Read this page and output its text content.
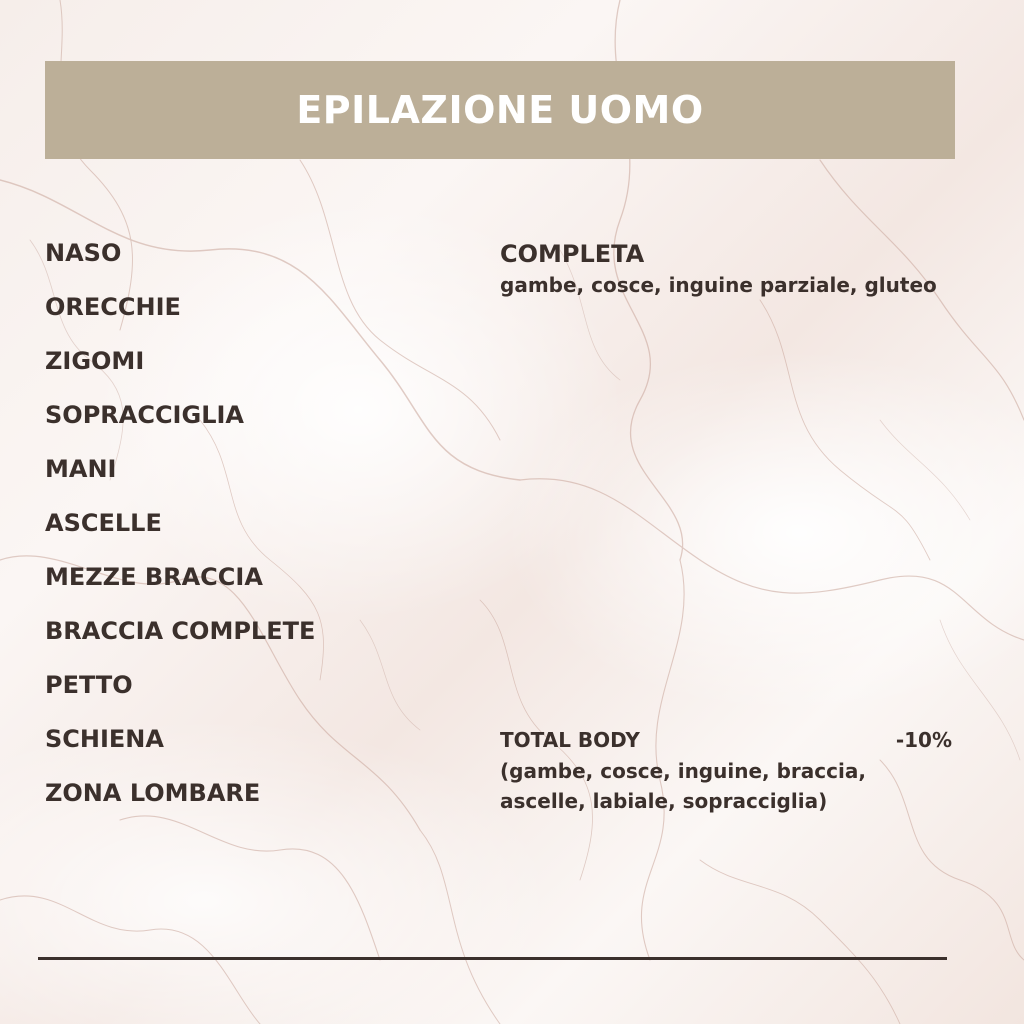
EPILAZIONE UOMO
NASO
ORECCHIE
ZIGOMI
SOPRACCIGLIA
MANI
ASCELLE
MEZZE BRACCIA
BRACCIA COMPLETE
PETTO
SCHIENA
ZONA LOMBARE
COMPLETA
gambe, cosce, inguine parziale, gluteo
TOTAL BODY	-10%
(gambe, cosce, inguine, braccia, ascelle, labiale, sopracciglia)
